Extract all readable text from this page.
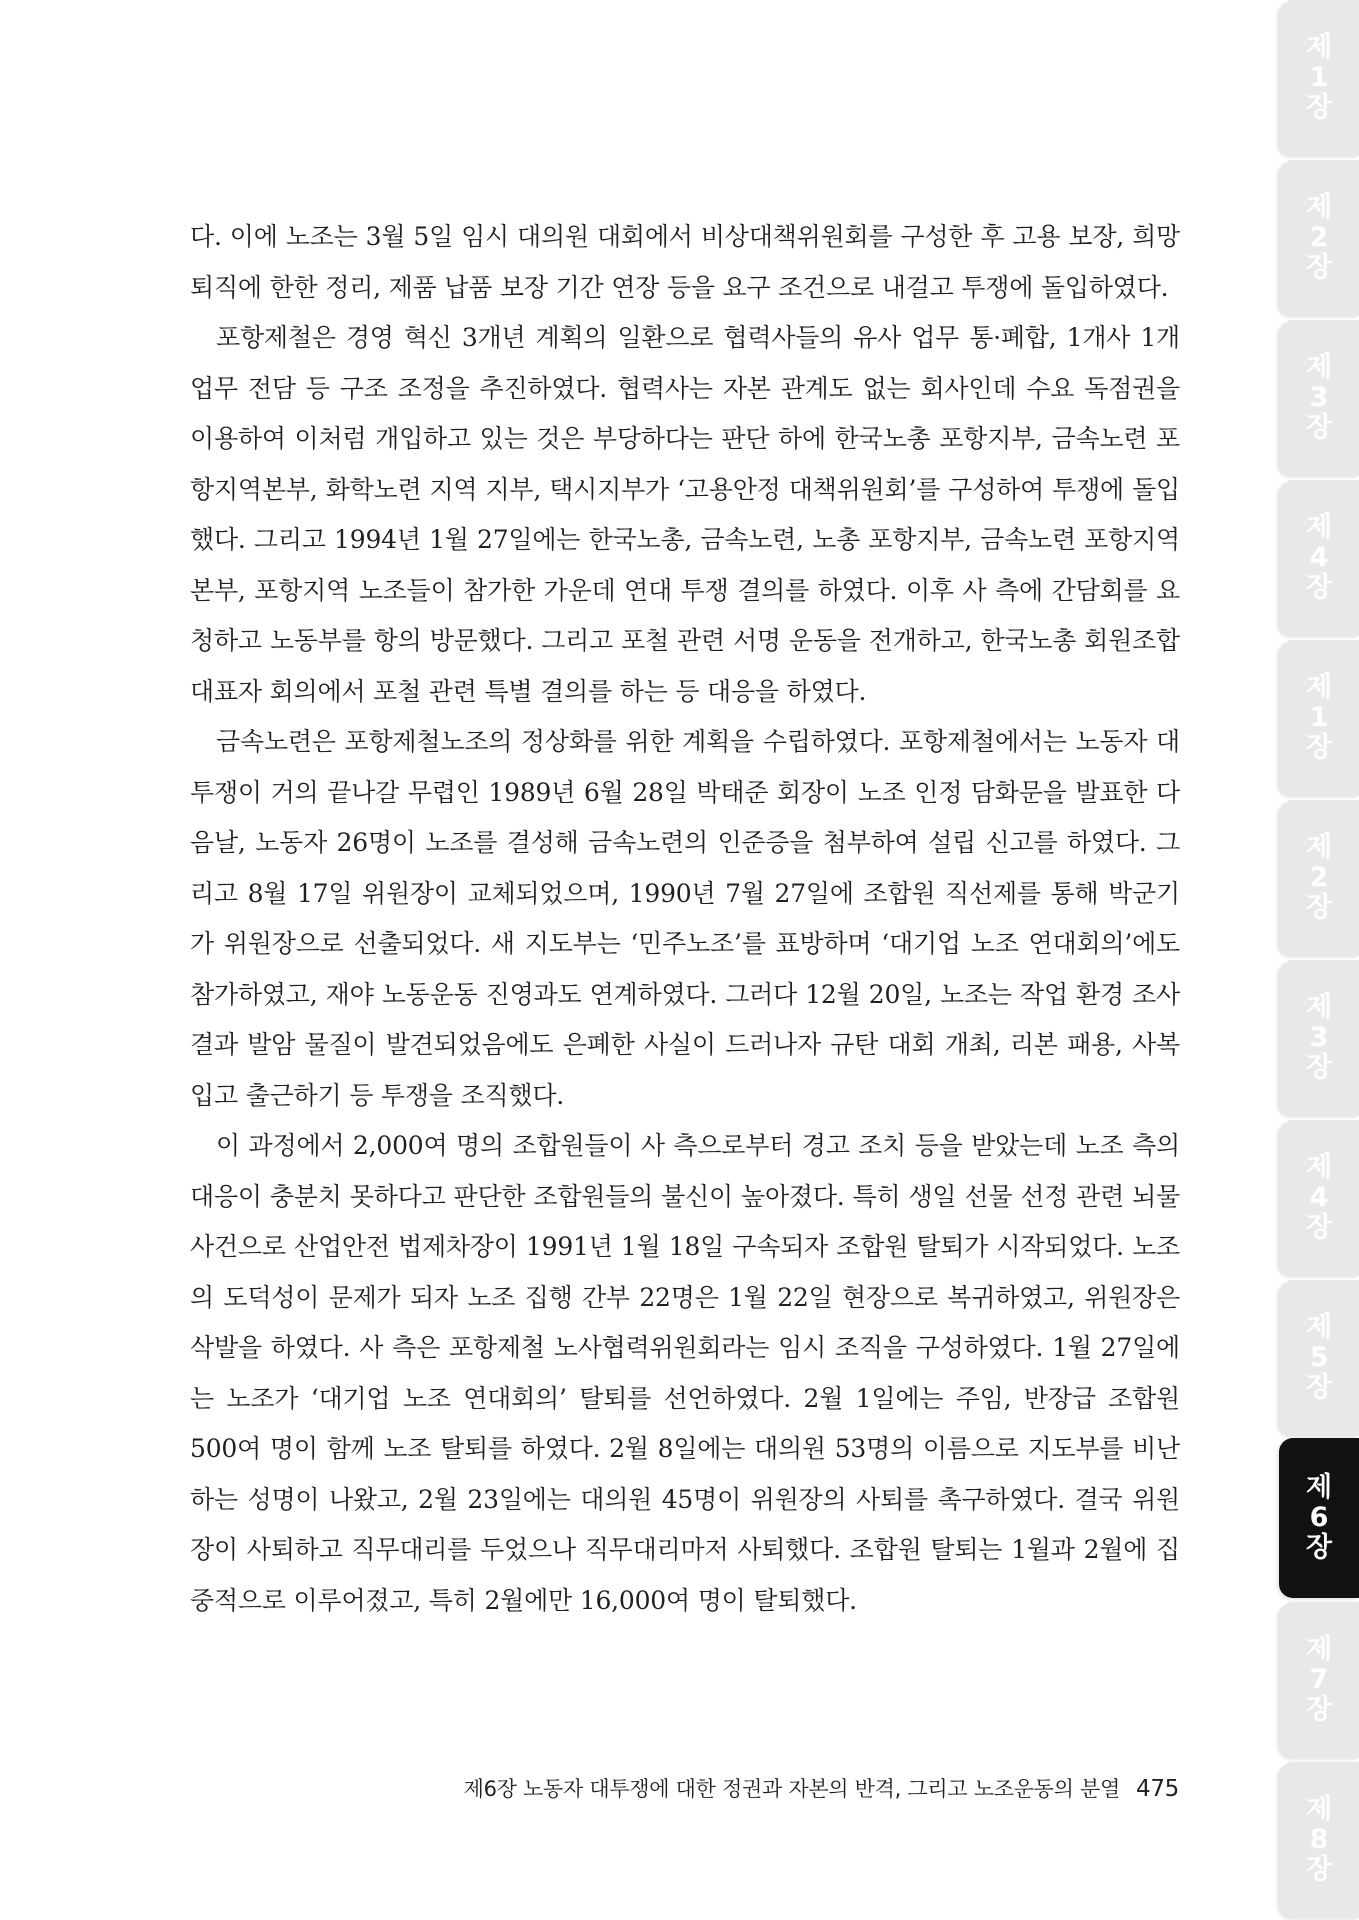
다. 이에 노조는 3월 5일 임시 대의원 대회에서 비상대책위원회를 구성한 후 고용 보장, 희망퇴직에 한한 정리, 제품 납품 보장 기간 연장 등을 요구 조건으로 내걸고 투쟁에 돌입하였다.

포항제철은 경영 혁신 3개년 계획의 일환으로 협력사들의 유사 업무 통·폐합, 1개사 1개 업무 전담 등 구조 조정을 추진하였다. 협력사는 자본 관계도 없는 회사인데 수요 독점권을 이용하여 이처럼 개입하고 있는 것은 부당하다는 판단 하에 한국노총 포항지부, 금속노련 포항지역본부, 화학노련 지역 지부, 택시지부가 ‘고용안정 대책위원회’를 구성하여 투쟁에 돌입했다. 그리고 1994년 1월 27일에는 한국노총, 금속노련, 노총 포항지부, 금속노련 포항지역본부, 포항지역 노조들이 참가한 가운데 연대 투쟁 결의를 하였다. 이후 사 측에 간담회를 요청하고 노동부를 항의 방문했다. 그리고 포철 관련 서명 운동을 전개하고, 한국노총 회원조합 대표자 회의에서 포철 관련 특별 결의를 하는 등 대응을 하였다.

금속노련은 포항제철노조의 정상화를 위한 계획을 수립하였다. 포항제철에서는 노동자 대투쟁이 거의 끝나갈 무렵인 1989년 6월 28일 박태준 회장이 노조 인정 담화문을 발표한 다음날, 노동자 26명이 노조를 결성해 금속노련의 인준증을 첨부하여 설립 신고를 하였다. 그리고 8월 17일 위원장이 교체되었으며, 1990년 7월 27일에 조합원 직선제를 통해 박군기가 위원장으로 선출되었다. 새 지도부는 ‘민주노조’를 표방하며 ‘대기업 노조 연대회의’에도 참가하였고, 재야 노동운동 진영과도 연계하였다. 그러다 12월 20일, 노조는 작업 환경 조사 결과 발암 물질이 발견되었음에도 은폐한 사실이 드러나자 규탄 대회 개최, 리본 패용, 사복 입고 출근하기 등 투쟁을 조직했다.

이 과정에서 2,000여 명의 조합원들이 사 측으로부터 경고 조치 등을 받았는데 노조 측의 대응이 충분치 못하다고 판단한 조합원들의 불신이 높아졌다. 특히 생일 선물 선정 관련 뇌물 사건으로 산업안전 법제차장이 1991년 1월 18일 구속되자 조합원 탈퇴가 시작되었다. 노조의 도덕성이 문제가 되자 노조 집행 간부 22명은 1월 22일 현장으로 복귀하였고, 위원장은 삭발을 하였다. 사 측은 포항제철 노사협력위원회라는 임시 조직을 구성하였다. 1월 27일에는 노조가 ‘대기업 노조 연대회의’ 탈퇴를 선언하였다. 2월 1일에는 주임, 반장급 조합원 500여 명이 함께 노조 탈퇴를 하였다. 2월 8일에는 대의원 53명의 이름으로 지도부를 비난하는 성명이 나왔고, 2월 23일에는 대의원 45명이 위원장의 사퇴를 촉구하였다. 결국 위원장이 사퇴하고 직무대리를 두었으나 직무대리마저 사퇴했다. 조합원 탈퇴는 1월과 2월에 집중적으로 이루어졌고, 특히 2월에만 16,000여 명이 탈퇴했다.

제6장 노동자 대투쟁에 대한 정권과 자본의 반격, 그리고 노조운동의 분열 475
제
1
장
제
2
장
제
3
장
제
4
장
제
1
장
제
2
장
제
3
장
제
4
장
제
5
장
제
6
장
제
7
장
제
8
장
